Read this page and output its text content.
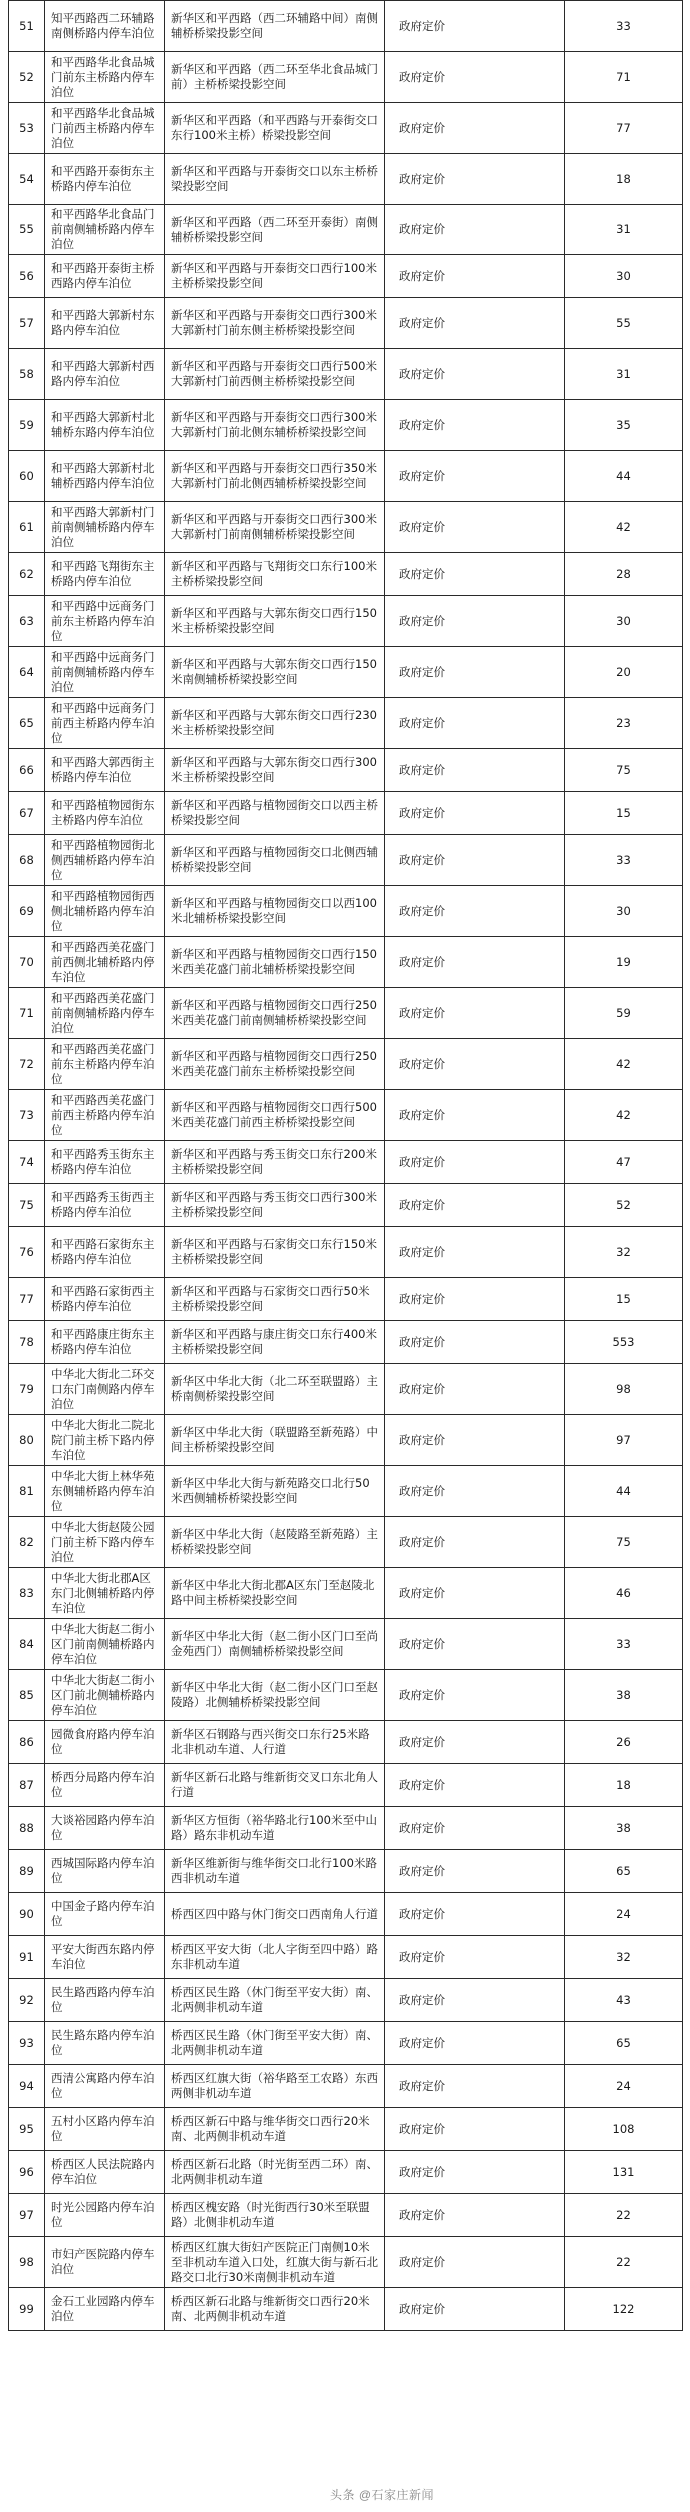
51	知平西路西二环辅路南侧桥路内停车泊位	新华区和平西路（西二环辅路中间）南侧辅桥桥梁投影空间	政府定价	33
52	和平西路华北食品城门前东主桥路内停车泊位	新华区和平西路（西二环至华北食品城门前）主桥桥梁投影空间	政府定价	71
53	和平西路华北食品城门前西主桥路内停车泊位	新华区和平西路（和平西路与开泰街交口东行100米主桥）桥梁投影空间	政府定价	77
54	和平西路开泰街东主桥路内停车泊位	新华区和平西路与开泰街交口以东主桥桥梁投影空间	政府定价	18
55	和平西路华北食品门前南侧辅桥路内停车泊位	新华区和平西路（西二环至开泰街）南侧辅桥桥梁投影空间	政府定价	31
56	和平西路开泰街主桥西路内停车泊位	新华区和平西路与开泰街交口西行100米主桥桥梁投影空间	政府定价	30
57	和平西路大郭新村东路内停车泊位	新华区和平西路与开泰街交口西行300米大郭新村门前东侧主桥桥梁投影空间	政府定价	55
58	和平西路大郭新村西路内停车泊位	新华区和平西路与开泰街交口西行500米大郭新村门前西侧主桥桥梁投影空间	政府定价	31
59	和平西路大郭新村北辅桥东路内停车泊位	新华区和平西路与开泰街交口西行300米大郭新村门前北侧东辅桥桥梁投影空间	政府定价	35
60	和平西路大郭新村北辅桥西路内停车泊位	新华区和平西路与开泰街交口西行350米大郭新村门前北侧西辅桥桥梁投影空间	政府定价	44
61	和平西路大郭新村门前南侧辅桥路内停车泊位	新华区和平西路与开泰街交口西行300米大郭新村门前南侧辅桥桥梁投影空间	政府定价	42
62	和平西路飞翔街东主桥路内停车泊位	新华区和平西路与飞翔街交口东行100米主桥桥梁投影空间	政府定价	28
63	和平西路中远商务门前东主桥路内停车泊位	新华区和平西路与大郭东街交口西行150米主桥桥梁投影空间	政府定价	30
64	和平西路中远商务门前南侧辅桥路内停车泊位	新华区和平西路与大郭东街交口西行150米南侧辅桥桥梁投影空间	政府定价	20
65	和平西路中远商务门前西主桥路内停车泊位	新华区和平西路与大郭东街交口西行230米主桥桥梁投影空间	政府定价	23
66	和平西路大郭西街主桥路内停车泊位	新华区和平西路与大郭东街交口西行300米主桥桥梁投影空间	政府定价	75
67	和平西路植物园街东主桥路内停车泊位	新华区和平西路与植物园街交口以西主桥桥梁投影空间	政府定价	15
68	和平西路植物园街北侧西辅桥路内停车泊位	新华区和平西路与植物园街交口北侧西辅桥桥梁投影空间	政府定价	33
69	和平西路植物园街西侧北辅桥路内停车泊位	新华区和平西路与植物园街交口以西100米北辅桥桥梁投影空间	政府定价	30
70	和平西路西美花盛门前西侧北辅桥路内停车泊位	新华区和平西路与植物园街交口西行150米西美花盛门前北辅桥桥梁投影空间	政府定价	19
71	和平西路西美花盛门前南侧辅桥路内停车泊位	新华区和平西路与植物园街交口西行250米西美花盛门前南侧辅桥桥梁投影空间	政府定价	59
72	和平西路西美花盛门前东主桥路内停车泊位	新华区和平西路与植物园街交口西行250米西美花盛门前东主桥桥梁投影空间	政府定价	42
73	和平西路西美花盛门前西主桥路内停车泊位	新华区和平西路与植物园街交口西行500米西美花盛门前西主桥桥梁投影空间	政府定价	42
74	和平西路秀玉街东主桥路内停车泊位	新华区和平西路与秀玉街交口东行200米主桥桥梁投影空间	政府定价	47
75	和平西路秀玉街西主桥路内停车泊位	新华区和平西路与秀玉街交口西行300米主桥桥梁投影空间	政府定价	52
76	和平西路石家街东主桥路内停车泊位	新华区和平西路与石家街交口东行150米主桥桥梁投影空间	政府定价	32
77	和平西路石家街西主桥路内停车泊位	新华区和平西路与石家街交口西行50米主桥桥梁投影空间	政府定价	15
78	和平西路康庄街东主桥路内停车泊位	新华区和平西路与康庄街交口东行400米主桥桥梁投影空间	政府定价	553
79	中华北大街北二环交口东门南侧路内停车泊位	新华区中华北大街（北二环至联盟路）主桥南侧桥梁投影空间	政府定价	98
80	中华北大街北二院北院门前主桥下路内停车泊位	新华区中华北大街（联盟路至新苑路）中间主桥桥梁投影空间	政府定价	97
81	中华北大街上林华苑东侧辅桥路内停车泊位	新华区中华北大街与新苑路交口北行50米西侧辅桥桥梁投影空间	政府定价	44
82	中华北大街赵陵公园门前主桥下路内停车泊位	新华区中华北大街（赵陵路至新苑路）主桥桥梁投影空间	政府定价	75
83	中华北大街北郡A区东门北侧辅桥路内停车泊位	新华区中华北大街北郡A区东门至赵陵北路中间主桥桥梁投影空间	政府定价	46
84	中华北大街赵二街小区门前南侧辅桥路内停车泊位	新华区中华北大街（赵二街小区门口至尚金苑西门）南侧辅桥桥梁投影空间	政府定价	33
85	中华北大街赵二街小区门前北侧辅桥路内停车泊位	新华区中华北大街（赵二街小区门口至赵陵路）北侧辅桥桥梁投影空间	政府定价	38
86	园微食府路内停车泊位	新华区石钢路与西兴街交口东行25米路北非机动车道、人行道	政府定价	26
87	桥西分局路内停车泊位	新华区新石北路与维新街交叉口东北角人行道	政府定价	18
88	大谈裕园路内停车泊位	新华区方恒街（裕华路北行100米至中山路）路东非机动车道	政府定价	38
89	西城国际路内停车泊位	新华区维新街与维华街交口北行100米路西非机动车道	政府定价	65
90	中国金子路内停车泊位	桥西区四中路与休门街交口西南角人行道	政府定价	24
91	平安大街西东路内停车泊位	桥西区平安大街（北人字街至四中路）路东非机动车道	政府定价	32
92	民生路西路内停车泊位	桥西区民生路（休门街至平安大街）南、北两侧非机动车道	政府定价	43
93	民生路东路内停车泊位	桥西区民生路（休门街至平安大街）南、北两侧非机动车道	政府定价	65
94	西清公寓路内停车泊位	桥西区红旗大街（裕华路至工农路）东西两侧非机动车道	政府定价	24
95	五村小区路内停车泊位	桥西区新石中路与维华街交口西行20米南、北两侧非机动车道	政府定价	108
96	桥西区人民法院路内停车泊位	桥西区新石北路（时光街至西二环）南、北两侧非机动车道	政府定价	131
97	时光公园路内停车泊位	桥西区槐安路（时光街西行30米至联盟路）北侧非机动车道	政府定价	22
98	市妇产医院路内停车泊位	桥西区红旗大街妇产医院正门南侧10米至非机动车道入口处，红旗大街与新石北路交口北行30米南侧非机动车道	政府定价	22
99	金石工业园路内停车泊位	桥西区新石北路与维新街交口西行20米南、北两侧非机动车道	政府定价	122
头条 @石家庄新闻
